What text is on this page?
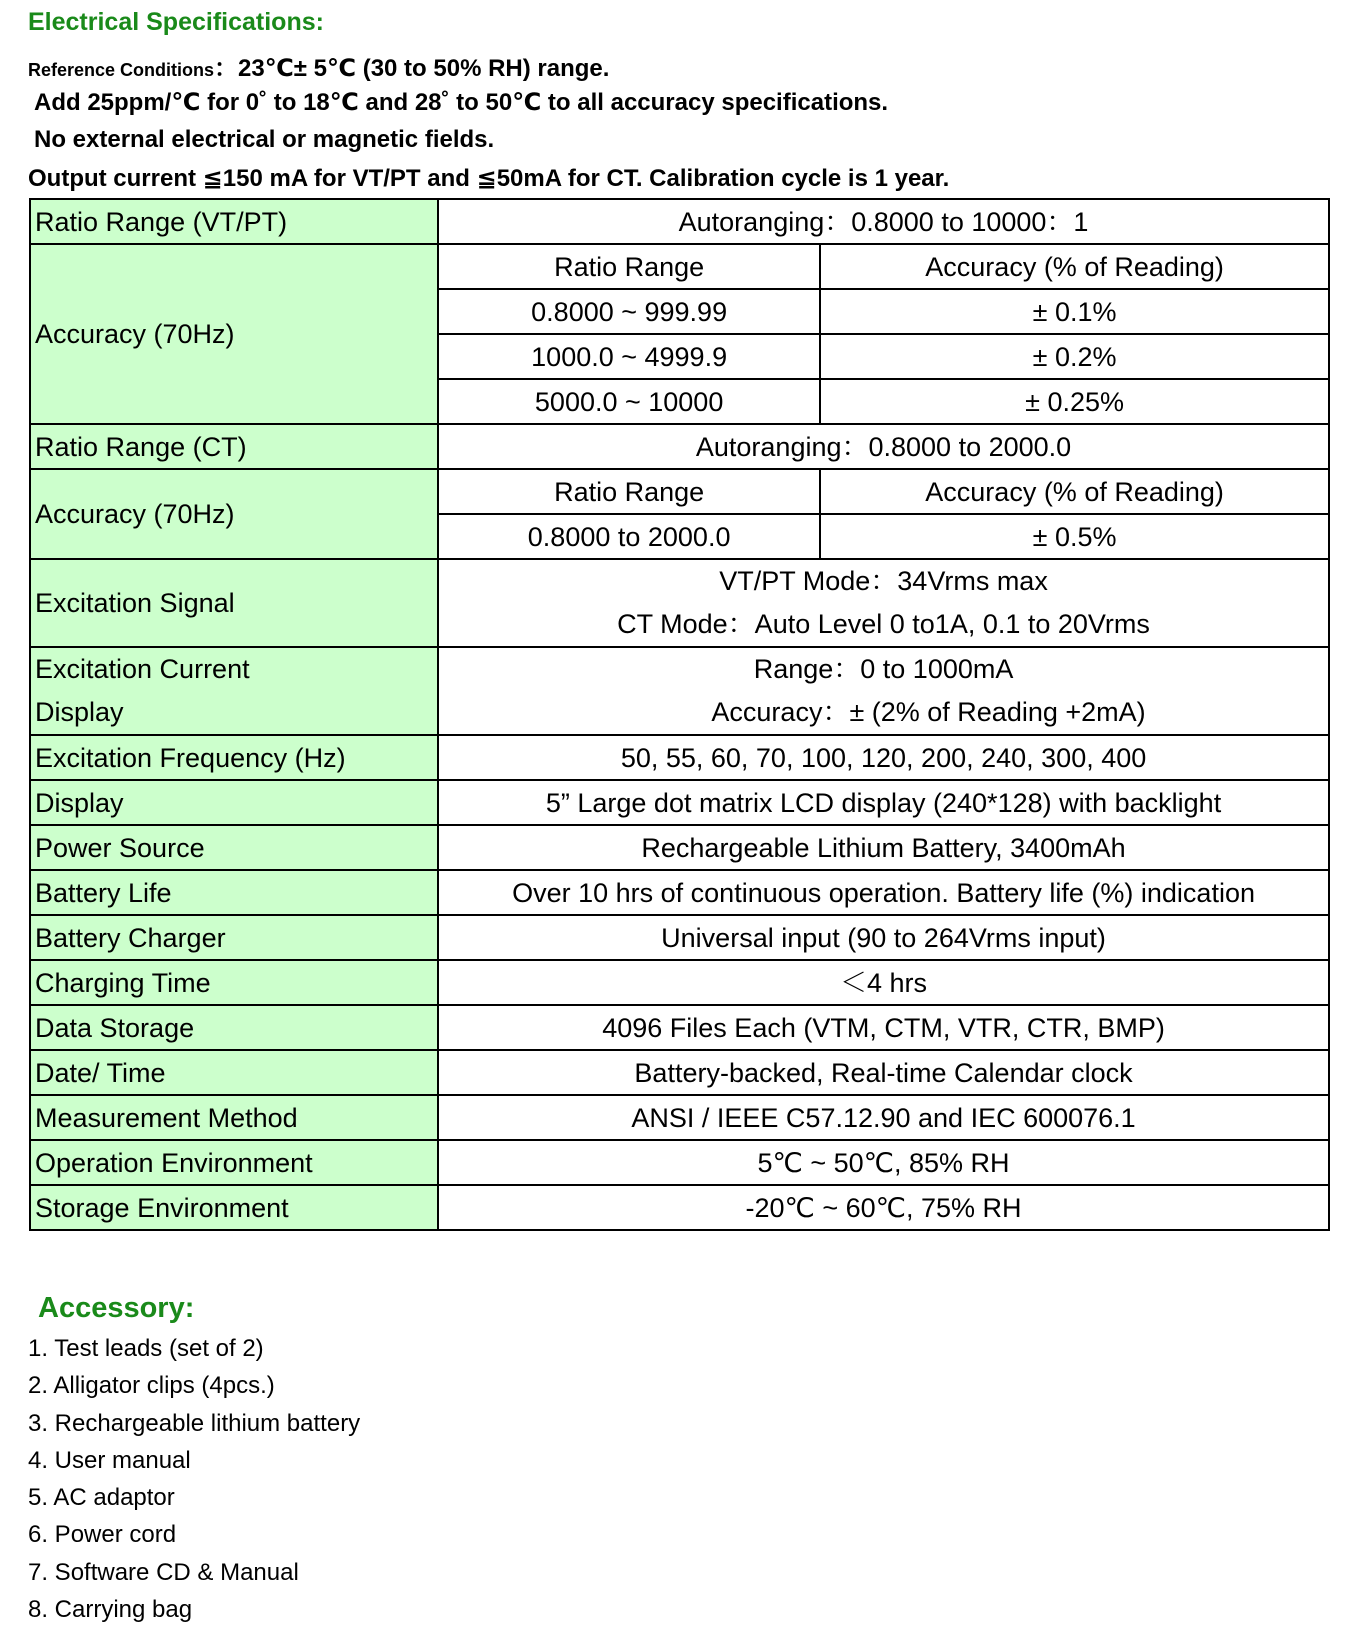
Electrical Specifications:
Reference Conditions：23℃± 5℃ (30 to 50% RH) range.
Add 25ppm/℃ for 0˚ to 18℃ and 28˚ to 50℃ to all accuracy specifications.
No external electrical or magnetic fields.
Output current ≦150 mA for VT/PT and ≦50mA for CT. Calibration cycle is 1 year.
Ratio Range (VT/PT)	Autoranging：0.8000 to 10000：1	
Accuracy (70Hz)	Ratio Range	Accuracy (% of Reading)
	0.8000 ~ 999.99	± 0.1%
	1000.0 ~ 4999.9	± 0.2%
	5000.0 ~ 10000	± 0.25%
Ratio Range (CT)	Autoranging：0.8000 to 2000.0	
Accuracy (70Hz)	Ratio Range	Accuracy (% of Reading)
	0.8000 to 2000.0	± 0.5%
Excitation Signal	VT/PT Mode：34Vrms max
CT Mode：Auto Level 0 to1A, 0.1 to 20Vrms	

Excitation Current
Display	Range：0 to 1000mA
Accuracy：± (2% of Reading +2mA)	

Excitation Frequency (Hz)	50, 55, 60, 70, 100, 120, 200, 240, 300, 400	
Display	5” Large dot matrix LCD display (240*128) with backlight	
Power Source	Rechargeable Lithium Battery, 3400mAh	
Battery Life	Over 10 hrs of continuous operation. Battery life (%) indication	
Battery Charger	Universal input (90 to 264Vrms input)	
Charging Time	＜4 hrs	
Data Storage	4096 Files Each (VTM, CTM, VTR, CTR, BMP)	
Date/ Time	Battery-backed, Real-time Calendar clock	
Measurement Method	ANSI / IEEE C57.12.90 and IEC 600076.1	
Operation Environment	5℃ ~ 50℃, 85% RH	
Storage Environment	-20℃ ~ 60℃, 75% RH	
Accessory:
1. Test leads (set of 2)
2. Alligator clips (4pcs.)
3. Rechargeable lithium battery
4. User manual
5. AC adaptor
6. Power cord
7. Software CD & Manual
8. Carrying bag
